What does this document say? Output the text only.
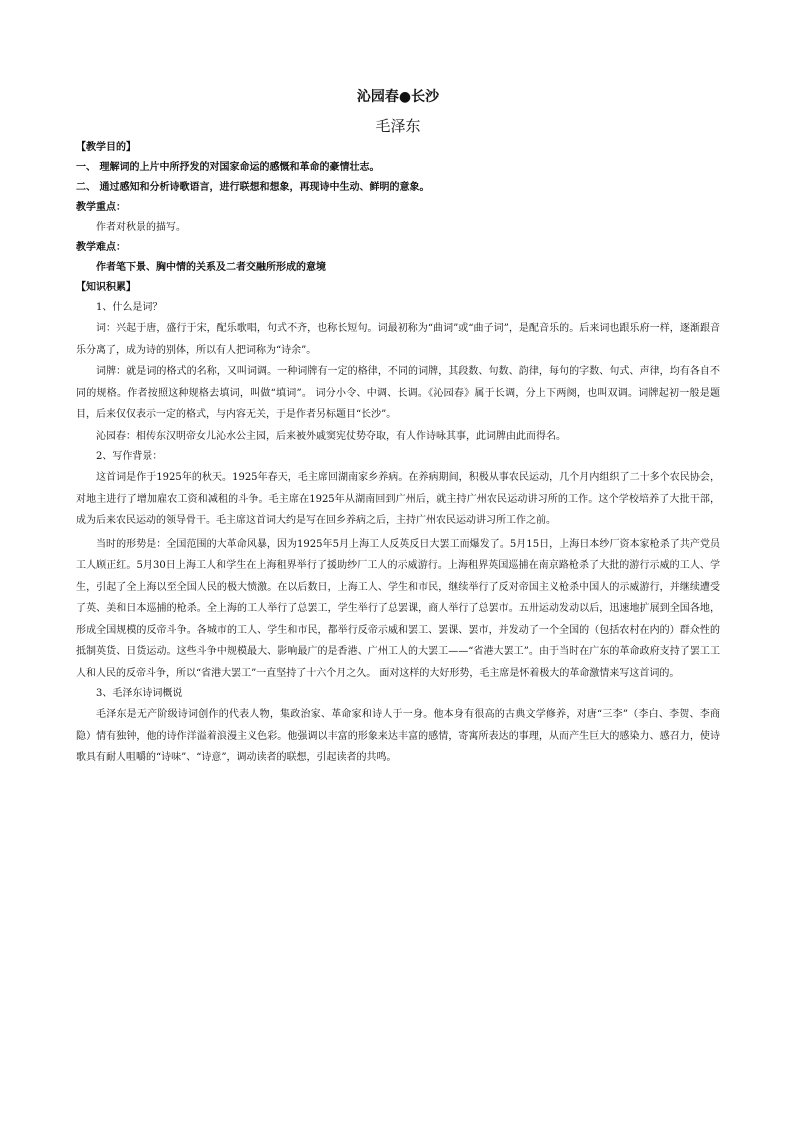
沁园春●长沙
毛泽东
【教学目的】
一、 理解词的上片中所抒发的对国家命运的感慨和革命的豪情壮志。
二、 通过感知和分析诗歌语言，进行联想和想象，再现诗中生动、鲜明的意象。
教学重点：
作者对秋景的描写。
教学难点：
作者笔下景、胸中情的关系及二者交融所形成的意境
【知识积累】
1、什么是词？
词：兴起于唐，盛行于宋，配乐歌唱，句式不齐，也称长短句。词最初称为“曲词”或“曲子词”，是配音乐的。后来词也跟乐府一样，逐渐跟音乐分离了，成为诗的别体，所以有人把词称为“诗余”。
词牌：就是词的格式的名称，又叫词调。一种词牌有一定的格律，不同的词牌，其段数、句数、韵律，每句的字数、句式、声律，均有各自不同的规格。作者按照这种规格去填词，叫做“填词”。 词分小令、中调、长调。《沁园春》属于长调，分上下两阕，也叫双调。词牌起初一般是题目，后来仅仅表示一定的格式，与内容无关，于是作者另标题目“长沙”。
沁园春：相传东汉明帝女儿沁水公主园，后来被外戚窦宪仗势夺取，有人作诗咏其事，此词牌由此而得名。
2、写作背景：
这首词是作于1925年的秋天。1925年春天，毛主席回湖南家乡养病。在养病期间，积极从事农民运动，几个月内组织了二十多个农民协会，对地主进行了增加雇农工资和减租的斗争。毛主席在1925年从湖南回到广州后，就主持广州农民运动讲习所的工作。这个学校培养了大批干部，成为后来农民运动的领导骨干。毛主席这首词大约是写在回乡养病之后，主持广州农民运动讲习所工作之前。
当时的形势是：全国范围的大革命风暴，因为1925年5月上海工人反英反日大罢工而爆发了。5月15日，上海日本纱厂资本家枪杀了共产党员工人顾正红。5月30日上海工人和学生在上海租界举行了援助纱厂工人的示威游行。上海租界英国巡捕在南京路枪杀了大批的游行示威的工人、学生，引起了全上海以至全国人民的极大愤激。在以后数日，上海工人、学生和市民，继续举行了反对帝国主义枪杀中国人的示威游行，并继续遭受了英、美和日本巡捕的枪杀。全上海的工人举行了总罢工，学生举行了总罢课，商人举行了总罢市。五卅运动发动以后，迅速地扩展到全国各地，形成全国规模的反帝斗争。各城市的工人、学生和市民，都举行反帝示威和罢工、罢课、罢市，并发动了一个全国的（包括农村在内的）群众性的抵制英货、日货运动。这些斗争中规模最大、影响最广的是香港、广州工人的大罢工——“省港大罢工”。由于当时在广东的革命政府支持了罢工工人和人民的反帝斗争，所以“省港大罢工”一直坚持了十六个月之久。 面对这样的大好形势，毛主席是怀着极大的革命激情来写这首词的。
3、毛泽东诗词概说
毛泽东是无产阶级诗词创作的代表人物，集政治家、革命家和诗人于一身。他本身有很高的古典文学修养，对唐“三李”（李白、李贺、李商隐）情有独钟，他的诗作洋溢着浪漫主义色彩。他强调以丰富的形象来达丰富的感情，寄寓所表达的事理，从而产生巨大的感染力、感召力，使诗歌具有耐人咀嚼的“诗味”、“诗意”，调动读者的联想，引起读者的共鸣。
